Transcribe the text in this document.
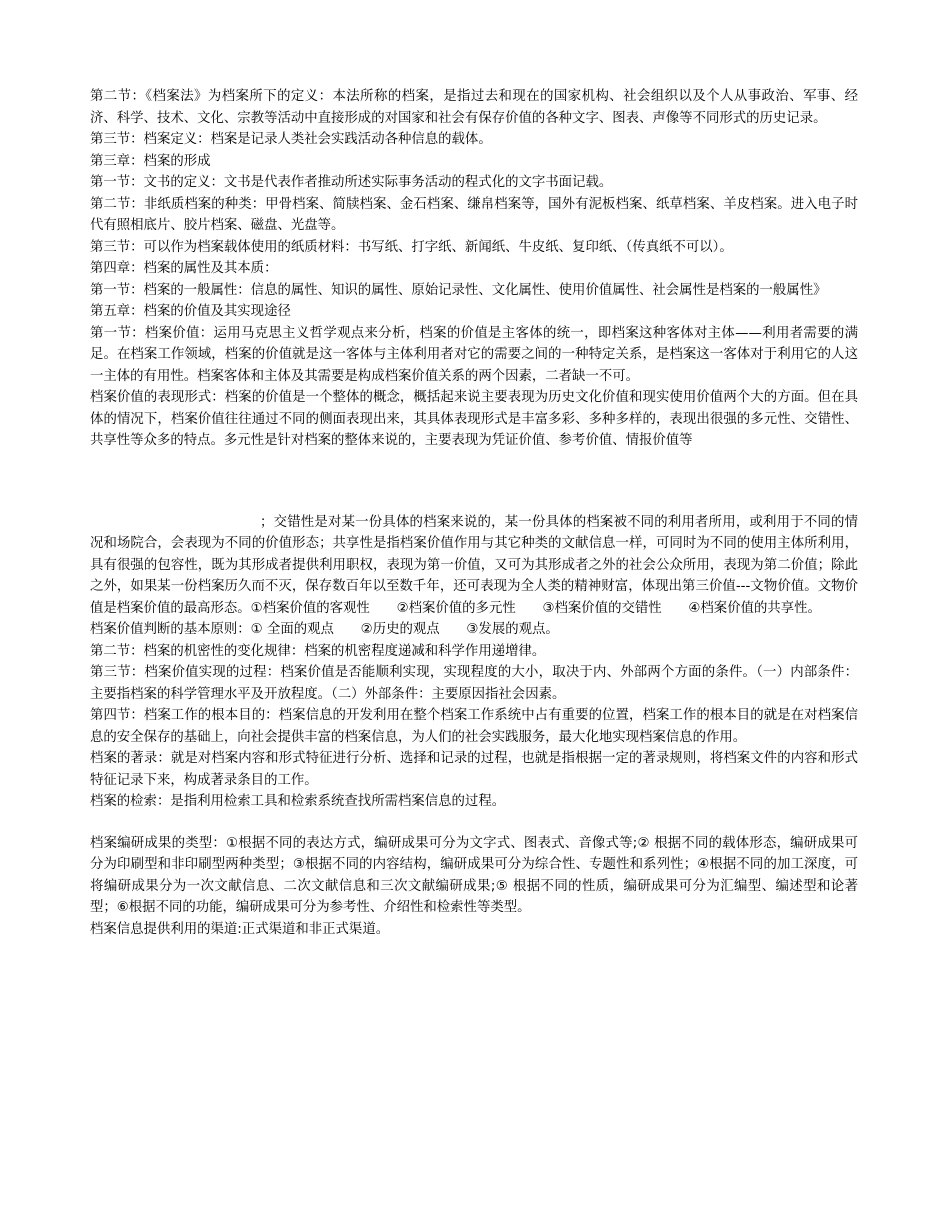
第二节：《档案法》为档案所下的定义：本法所称的档案，是指过去和现在的国家机构、社会组织以及个人从事政治、军事、经济、科学、技术、文化、宗教等活动中直接形成的对国家和社会有保存价值的各种文字、图表、声像等不同形式的历史记录。

第三节：档案定义：档案是记录人类社会实践活动各种信息的载体。

第三章：档案的形成

第一节：文书的定义：文书是代表作者推动所述实际事务活动的程式化的文字书面记载。

第二节：非纸质档案的种类：甲骨档案、简牍档案、金石档案、缣帛档案等，国外有泥板档案、纸草档案、羊皮档案。进入电子时代有照相底片、胶片档案、磁盘、光盘等。

第三节：可以作为档案载体使用的纸质材料：书写纸、打字纸、新闻纸、牛皮纸、复印纸、（传真纸不可以）。

第四章：档案的属性及其本质：

第一节：档案的一般属性：信息的属性、知识的属性、原始记录性、文化属性、使用价值属性、社会属性是档案的一般属性》

第五章：档案的价值及其实现途径

第一节：档案价值：运用马克思主义哲学观点来分析，档案的价值是主客体的统一，即档案这种客体对主体——利用者需要的满足。在档案工作领域，档案的价值就是这一客体与主体利用者对它的需要之间的一种特定关系，是档案这一客体对于利用它的人这一主体的有用性。档案客体和主体及其需要是构成档案价值关系的两个因素，二者缺一不可。

档案价值的表现形式：档案的价值是一个整体的概念，概括起来说主要表现为历史文化价值和现实使用价值两个大的方面。但在具体的情况下，档案价值往往通过不同的侧面表现出来，其具体表现形式是丰富多彩、多种多样的，表现出很强的多元性、交错性、共享性等众多的特点。多元性是针对档案的整体来说的，主要表现为凭证价值、参考价值、情报价值等

；交错性是对某一份具体的档案来说的，某一份具体的档案被不同的利用者所用，或利用于不同的情况和场院合，会表现为不同的价值形态；共享性是指档案价值作用与其它种类的文献信息一样，可同时为不同的使用主体所利用，具有很强的包容性，既为其形成者提供利用职权，表现为第一价值，又可为其形成者之外的社会公众所用，表现为第二价值；除此之外，如果某一份档案历久而不灭，保存数百年以至数千年，还可表现为全人类的精神财富，体现出第三价值---文物价值。文物价值是档案价值的最高形态。①档案价值的客观性　　②档案价值的多元性　　③档案价值的交错性　　④档案价值的共享性。

档案价值判断的基本原则：① 全面的观点　　②历史的观点　　③发展的观点。

第二节：档案的机密性的变化规律：档案的机密程度递减和科学作用递增律。

第三节：档案价值实现的过程：档案价值是否能顺利实现，实现程度的大小，取决于内、外部两个方面的条件。（一）内部条件：主要指档案的科学管理水平及开放程度。（二）外部条件：主要原因指社会因素。

第四节：档案工作的根本目的：档案信息的开发利用在整个档案工作系统中占有重要的位置，档案工作的根本目的就是在对档案信息的安全保存的基础上，向社会提供丰富的档案信息，为人们的社会实践服务，最大化地实现档案信息的作用。

档案的著录：就是对档案内容和形式特征进行分析、选择和记录的过程，也就是指根据一定的著录规则，将档案文件的内容和形式特征记录下来，构成著录条目的工作。

档案的检索：是指利用检索工具和检索系统查找所需档案信息的过程。

档案编研成果的类型：①根据不同的表达方式，编研成果可分为文字式、图表式、音像式等;② 根据不同的载体形态，编研成果可分为印刷型和非印刷型两种类型；③根据不同的内容结构，编研成果可分为综合性、专题性和系列性；④根据不同的加工深度，可将编研成果分为一次文献信息、二次文献信息和三次文献编研成果;⑤ 根据不同的性质，编研成果可分为汇编型、编述型和论著型；⑥根据不同的功能，编研成果可分为参考性、介绍性和检索性等类型。

档案信息提供利用的渠道:正式渠道和非正式渠道。
